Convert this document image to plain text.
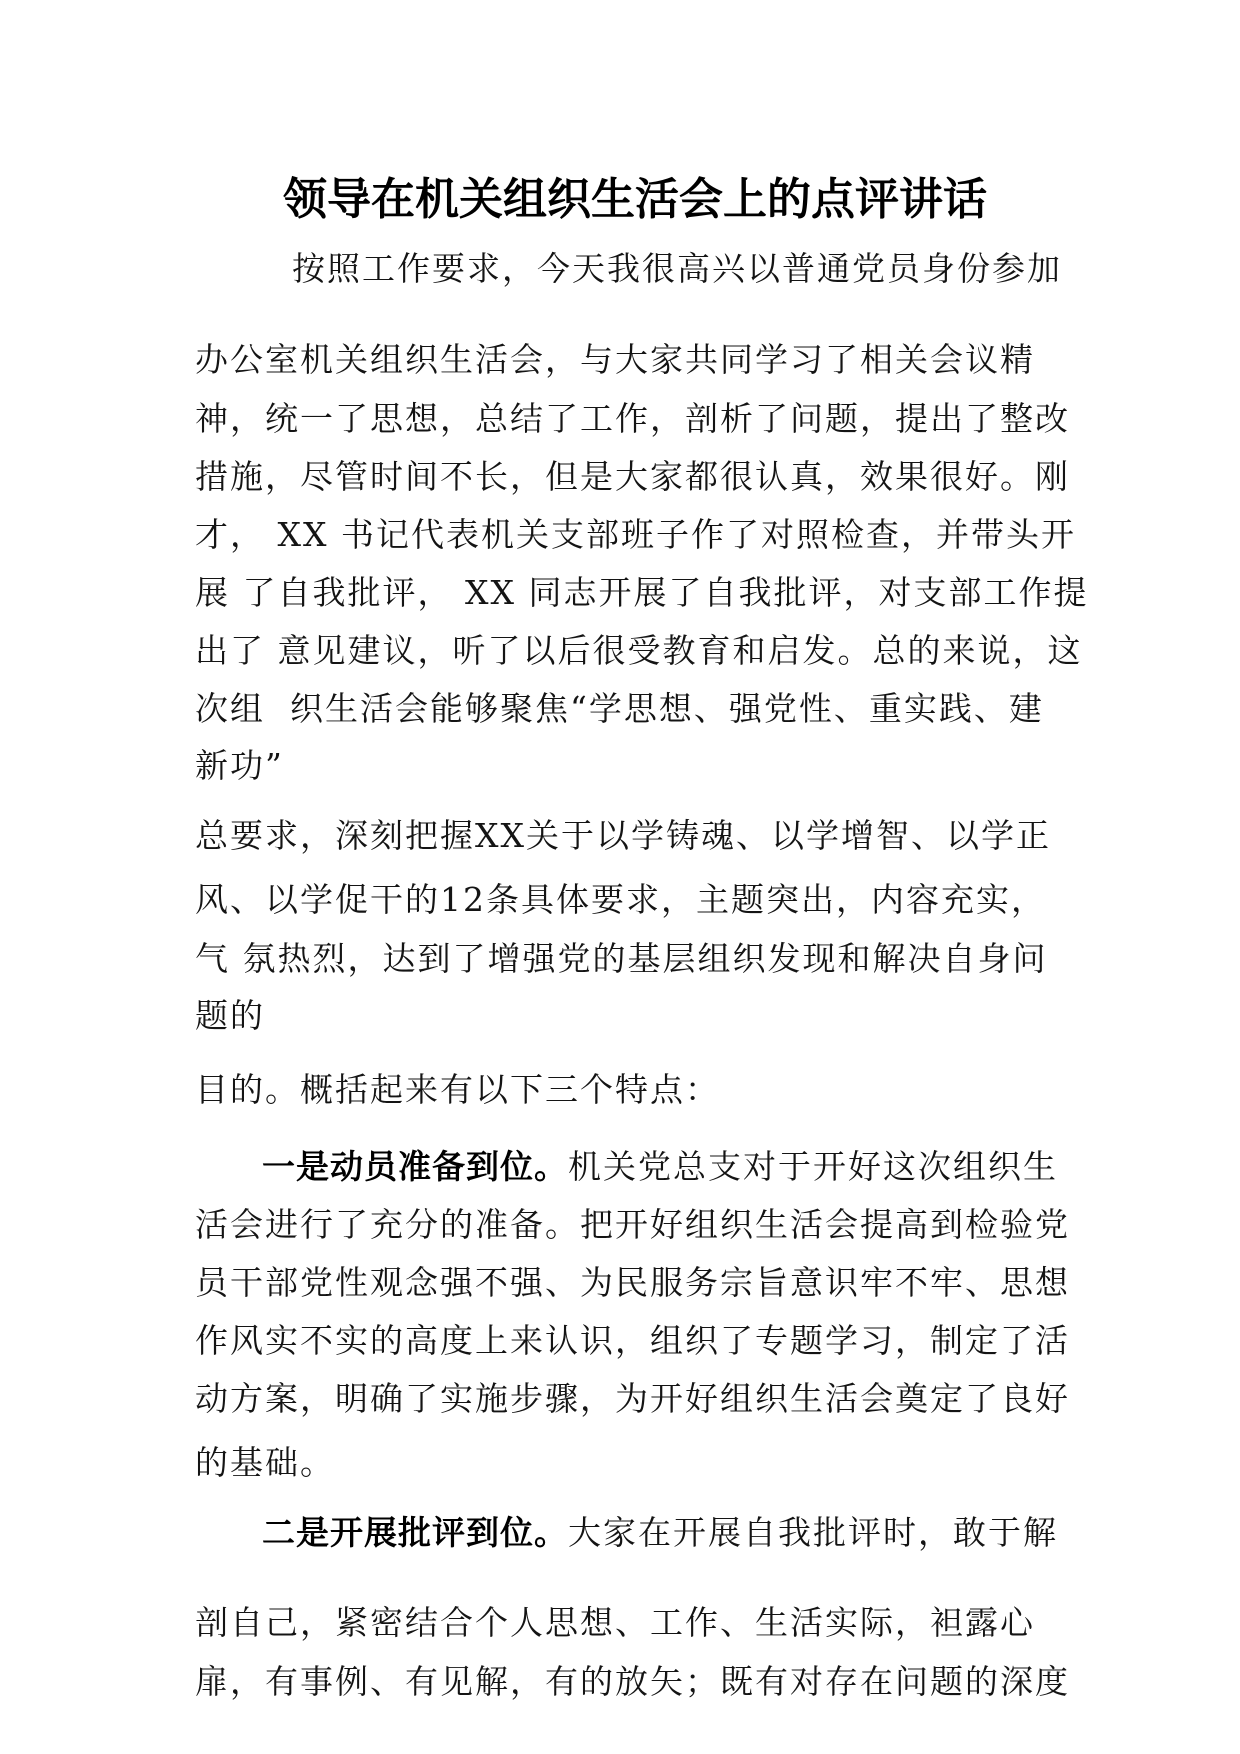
领导在机关组织生活会上的点评讲话
按照工作要求，今天我很高兴以普通党员身份参加
办公室机关组织生活会，与大家共同学习了相关会议精
神，统一了思想，总结了工作，剖析了问题，提出了整改
措施，尽管时间不长，但是大家都很认真，效果很好。刚
才， XX 书记代表机关支部班子作了对照检查，并带头开
展 了自我批评， XX 同志开展了自我批评，对支部工作提
出了 意见建议，听了以后很受教育和启发。总的来说，这
次组  织生活会能够聚焦“学思想、强党性、重实践、建
新功”
总要求，深刻把握XX关于以学铸魂、以学增智、以学正
风、以学促干的12条具体要求，主题突出，内容充实，
气 氛热烈，达到了增强党的基层组织发现和解决自身问
题的
目的。概括起来有以下三个特点：
一是动员准备到位。机关党总支对于开好这次组织生
活会进行了充分的准备。把开好组织生活会提高到检验党
员干部党性观念强不强、为民服务宗旨意识牢不牢、思想
作风实不实的高度上来认识，组织了专题学习，制定了活
动方案，明确了实施步骤，为开好组织生活会奠定了良好
的基础。
二是开展批评到位。大家在开展自我批评时，敢于解
剖自己，紧密结合个人思想、工作、生活实际，袒露心
扉，有事例、有见解，有的放矢；既有对存在问题的深度
